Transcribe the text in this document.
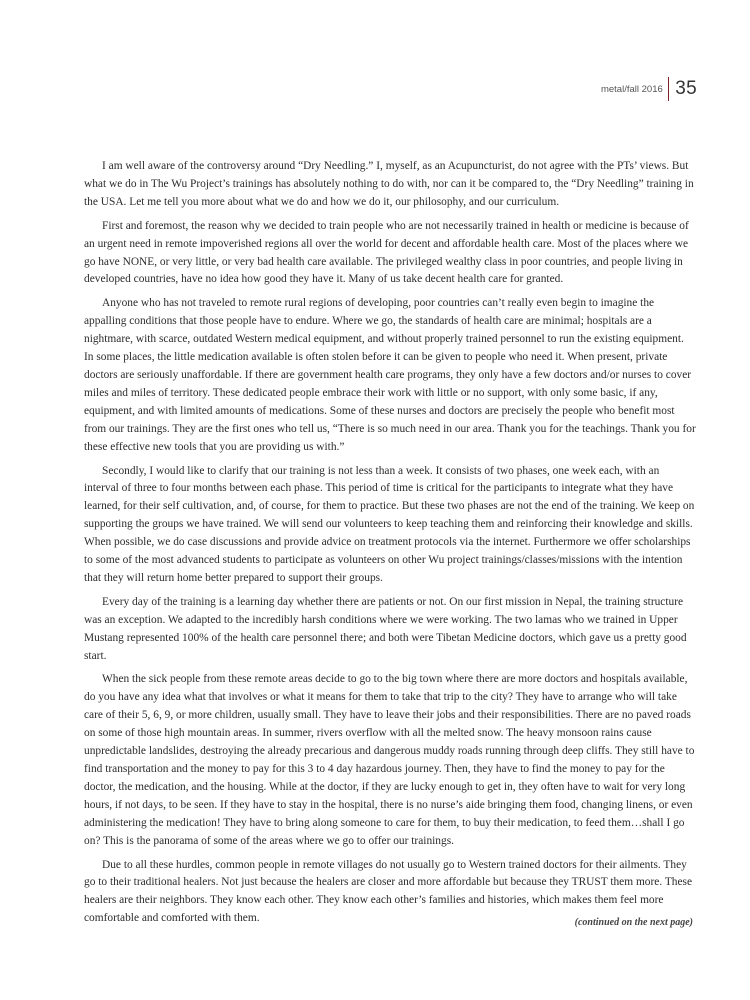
metal/fall 2016 35

I am well aware of the controversy around “Dry Needling.” I, myself, as an Acupuncturist, do not agree with the PTs’ views. But what we do in The Wu Project’s trainings has absolutely nothing to do with, nor can it be compared to, the “Dry Needling” training in the USA. Let me tell you more about what we do and how we do it, our philosophy, and our curriculum.

First and foremost, the reason why we decided to train people who are not necessarily trained in health or medicine is because of an urgent need in remote impoverished regions all over the world for decent and affordable health care. Most of the places where we go have NONE, or very little, or very bad health care available. The privileged wealthy class in poor countries, and people living in developed countries, have no idea how good they have it. Many of us take decent health care for granted.

Anyone who has not traveled to remote rural regions of developing, poor countries can’t really even begin to imagine the appalling conditions that those people have to endure. Where we go, the standards of health care are minimal; hospitals are a nightmare, with scarce, outdated Western medical equipment, and without properly trained personnel to run the existing equipment. In some places, the little medication available is often stolen before it can be given to people who need it. When present, private doctors are seriously unaffordable. If there are government health care programs, they only have a few doctors and/or nurses to cover miles and miles of territory. These dedicated people embrace their work with little or no support, with only some basic, if any, equipment, and with limited amounts of medications. Some of these nurses and doctors are precisely the people who benefit most from our trainings. They are the first ones who tell us, “There is so much need in our area. Thank you for the teachings. Thank you for these effective new tools that you are providing us with.”

Secondly, I would like to clarify that our training is not less than a week. It consists of two phases, one week each, with an interval of three to four months between each phase. This period of time is critical for the participants to integrate what they have learned, for their self cultivation, and, of course, for them to practice. But these two phases are not the end of the training. We keep on supporting the groups we have trained. We will send our volunteers to keep teaching them and reinforcing their knowledge and skills. When possible, we do case discussions and provide advice on treatment protocols via the internet. Furthermore we offer scholarships to some of the most advanced students to participate as volunteers on other Wu project trainings/classes/missions with the intention that they will return home better prepared to support their groups.

Every day of the training is a learning day whether there are patients or not. On our first mission in Nepal, the training structure was an exception. We adapted to the incredibly harsh conditions where we were working. The two lamas who we trained in Upper Mustang represented 100% of the health care personnel there; and both were Tibetan Medicine doctors, which gave us a pretty good start.

When the sick people from these remote areas decide to go to the big town where there are more doctors and hospitals available, do you have any idea what that involves or what it means for them to take that trip to the city? They have to arrange who will take care of their 5, 6, 9, or more children, usually small. They have to leave their jobs and their responsibilities. There are no paved roads on some of those high mountain areas. In summer, rivers overflow with all the melted snow. The heavy monsoon rains cause unpredictable landslides, destroying the already precarious and dangerous muddy roads running through deep cliffs. They still have to find transportation and the money to pay for this 3 to 4 day hazardous journey. Then, they have to find the money to pay for the doctor, the medication, and the housing. While at the doctor, if they are lucky enough to get in, they often have to wait for very long hours, if not days, to be seen. If they have to stay in the hospital, there is no nurse’s aide bringing them food, changing linens, or even administering the medication! They have to bring along someone to care for them, to buy their medication, to feed them…shall I go on? This is the panorama of some of the areas where we go to offer our trainings.

Due to all these hurdles, common people in remote villages do not usually go to Western trained doctors for their ailments. They go to their traditional healers. Not just because the healers are closer and more affordable but because they TRUST them more. These healers are their neighbors. They know each other. They know each other’s families and histories, which makes them feel more comfortable and comforted with them.	(continued on the next page)
